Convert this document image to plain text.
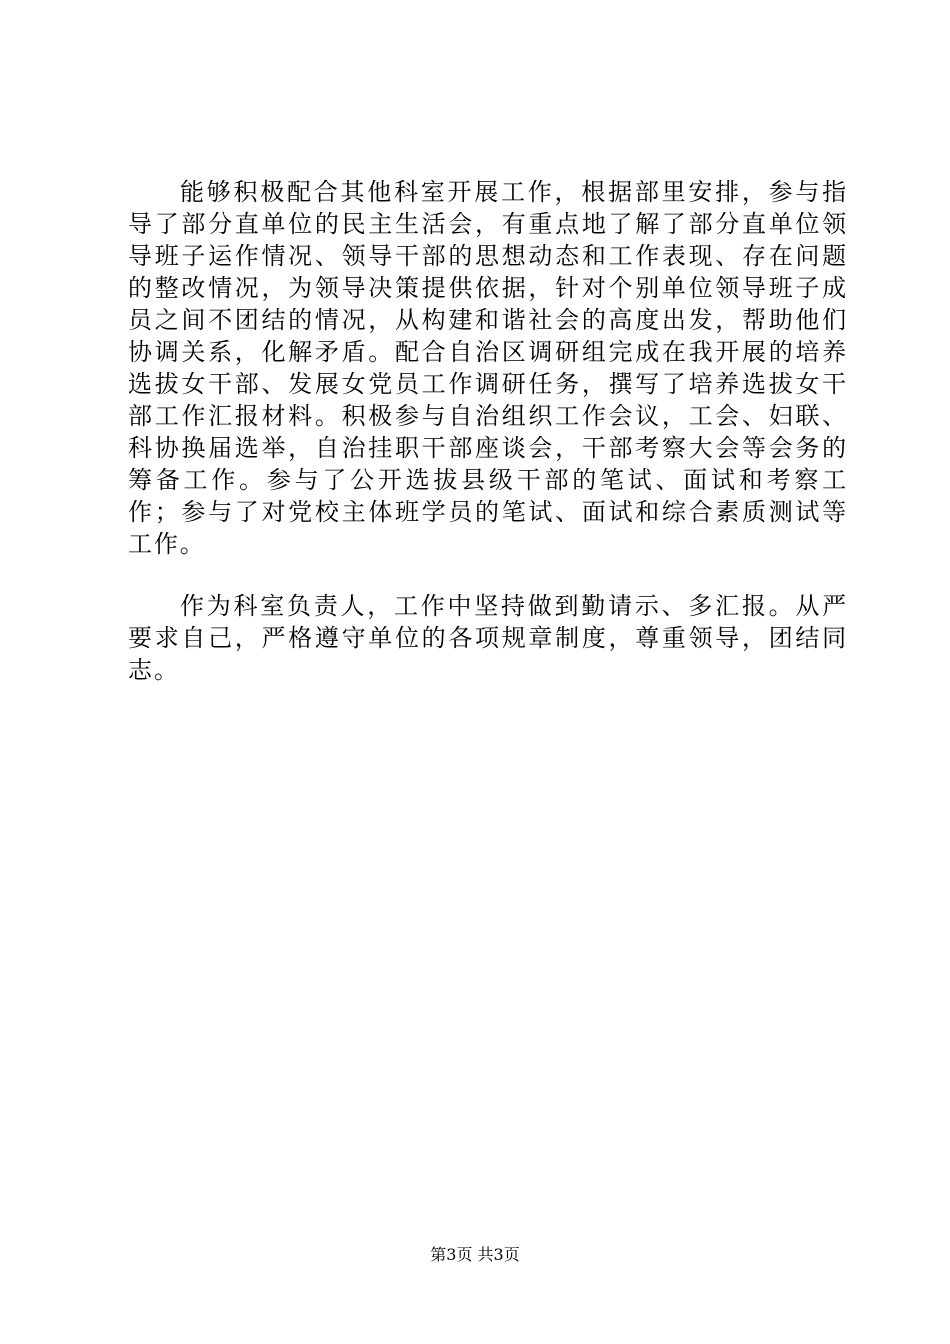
能够积极配合其他科室开展工作，根据部里安排，参与指导了部分直单位的民主生活会，有重点地了解了部分直单位领导班子运作情况、领导干部的思想动态和工作表现、存在问题的整改情况，为领导决策提供依据，针对个别单位领导班子成员之间不团结的情况，从构建和谐社会的高度出发，帮助他们协调关系，化解矛盾。配合自治区调研组完成在我开展的培养选拔女干部、发展女党员工作调研任务，撰写了培养选拔女干部工作汇报材料。积极参与自治组织工作会议，工会、妇联、科协换届选举，自治挂职干部座谈会，干部考察大会等会务的筹备工作。参与了公开选拔县级干部的笔试、面试和考察工作；参与了对党校主体班学员的笔试、面试和综合素质测试等工作。

作为科室负责人，工作中坚持做到勤请示、多汇报。从严要求自己，严格遵守单位的各项规章制度，尊重领导，团结同志。

第3页 共3页
